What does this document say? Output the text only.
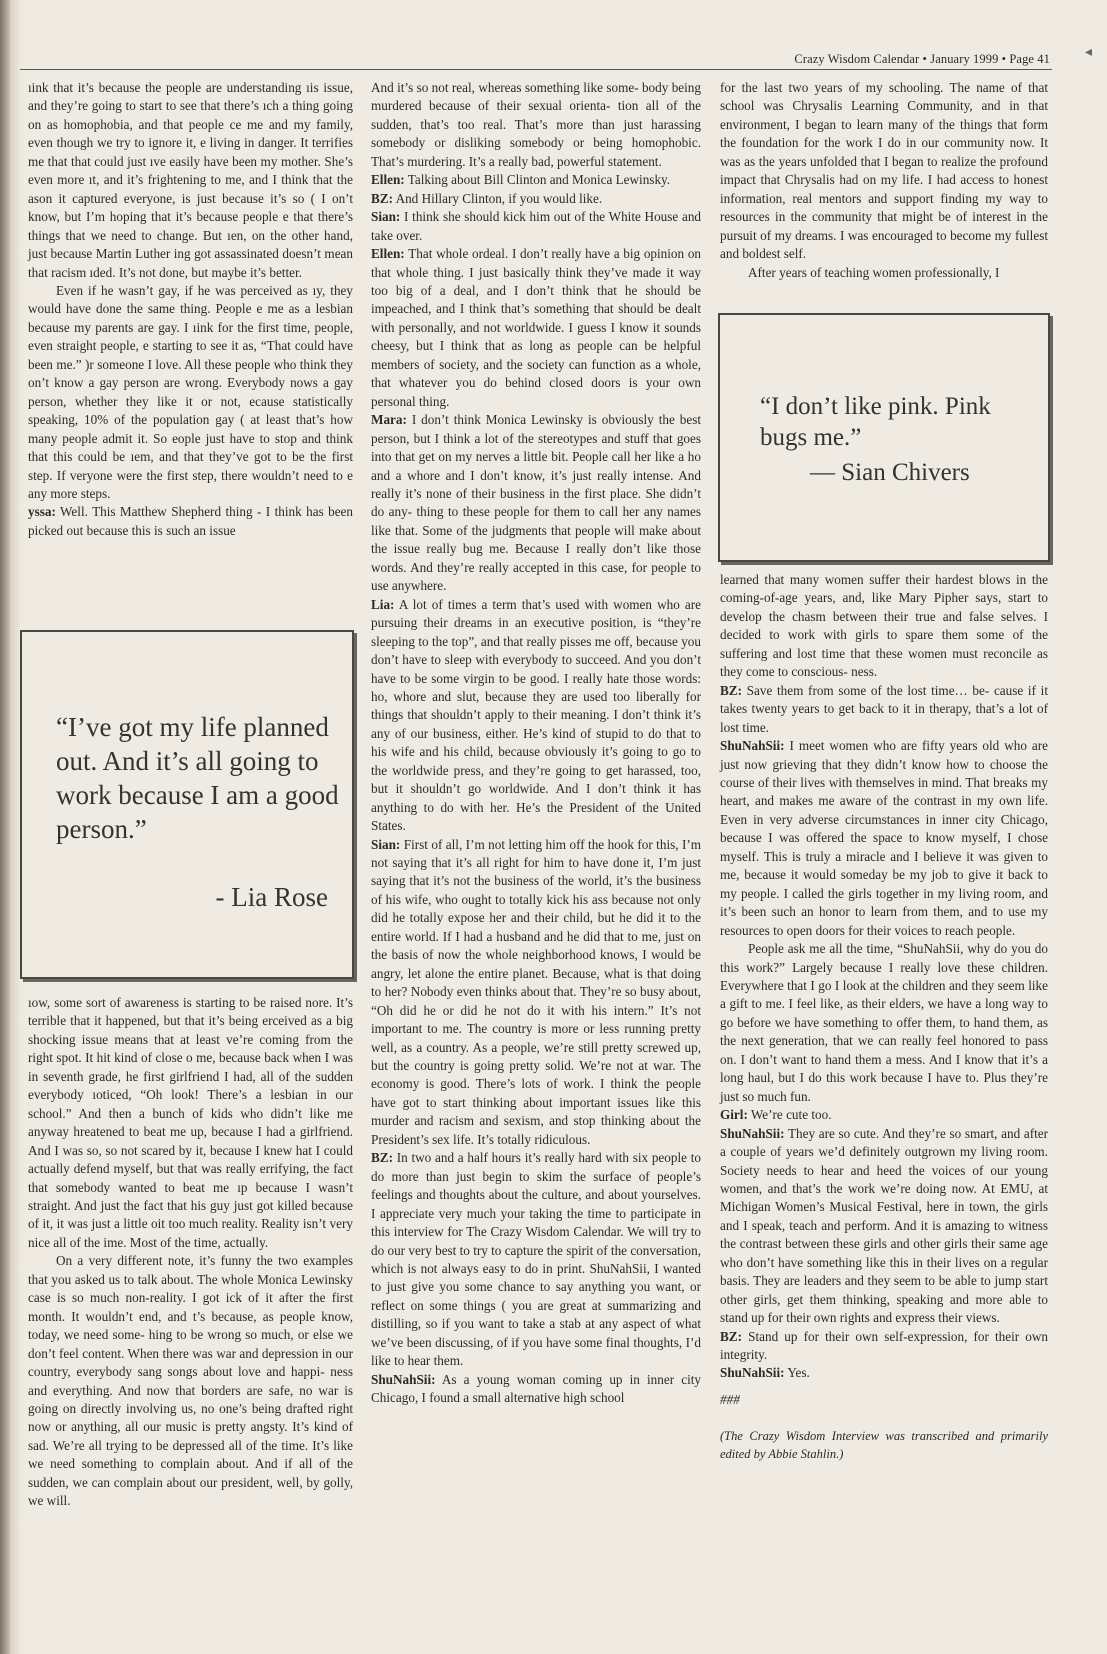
Crazy Wisdom Calendar • January 1999 • Page 41

ıink that it’s because the people are understanding ıis issue, and they’re going to start to see that there’s ıch a thing going on as homophobia, and that people ce me and my family, even though we try to ignore it, e living in danger. It terrifies me that that could just ıve easily have been my mother. She’s even more ıt, and it’s frightening to me, and I think that the ason it captured everyone, is just because it’s so ( I on’t know, but I’m hoping that it’s because people e that there’s things that we need to change. But ıen, on the other hand, just because Martin Luther ing got assassinated doesn’t mean that racism ıded. It’s not done, but maybe it’s better.

Even if he wasn’t gay, if he was perceived as ıy, they would have done the same thing. People e me as a lesbian because my parents are gay. I ıink for the first time, people, even straight people, e starting to see it as, “That could have been me.” )r someone I love. All these people who think they on’t know a gay person are wrong. Everybody nows a gay person, whether they like it or not, ecause statistically speaking, 10% of the population gay ( at least that’s how many people admit it. So eople just have to stop and think that this could be ıem, and that they’ve got to be the first step. If veryone were the first step, there wouldn’t need to e any more steps.

yssa: Well. This Matthew Shepherd thing - I think has been picked out because this is such an issue

“I’ve got my life planned out. And it’s all going to work because I am a good person.”
- Lia Rose

ıow, some sort of awareness is starting to be raised nore. It’s terrible that it happened, but that it’s being erceived as a big shocking issue means that at least ve’re coming from the right spot. It hit kind of close o me, because back when I was in seventh grade, he first girlfriend I had, all of the sudden everybody ıoticed, “Oh look! There’s a lesbian in our school.” And then a bunch of kids who didn’t like me anyway hreatened to beat me up, because I had a girlfriend. And I was so, so not scared by it, because I knew hat I could actually defend myself, but that was really errifying, the fact that somebody wanted to beat me ıp because I wasn’t straight. And just the fact that his guy just got killed because of it, it was just a little oit too much reality. Reality isn’t very nice all of the ime. Most of the time, actually.

On a very different note, it’s funny the two examples that you asked us to talk about. The whole Monica Lewinsky case is so much non-reality. I got ick of it after the first month. It wouldn’t end, and t’s because, as people know, today, we need some- hing to be wrong so much, or else we don’t feel content. When there was war and depression in our country, everybody sang songs about love and happi- ness and everything. And now that borders are safe, no war is going on directly involving us, no one’s being drafted right now or anything, all our music is pretty angsty. It’s kind of sad. We’re all trying to be depressed all of the time. It’s like we need something to complain about. And if all of the sudden, we can complain about our president, well, by golly, we will.

And it’s so not real, whereas something like some- body being murdered because of their sexual orienta- tion all of the sudden, that’s too real. That’s more than just harassing somebody or disliking somebody or being homophobic. That’s murdering. It’s a really bad, powerful statement.

Ellen: Talking about Bill Clinton and Monica Lewinsky.

BZ: And Hillary Clinton, if you would like.

Sian: I think she should kick him out of the White House and take over.

Ellen: That whole ordeal. I don’t really have a big opinion on that whole thing. I just basically think they’ve made it way too big of a deal, and I don’t think that he should be impeached, and I think that’s something that should be dealt with personally, and not worldwide. I guess I know it sounds cheesy, but I think that as long as people can be helpful members of society, and the society can function as a whole, that whatever you do behind closed doors is your own personal thing.

Mara: I don’t think Monica Lewinsky is obviously the best person, but I think a lot of the stereotypes and stuff that goes into that get on my nerves a little bit. People call her like a ho and a whore and I don’t know, it’s just really intense. And really it’s none of their business in the first place. She didn’t do any- thing to these people for them to call her any names like that. Some of the judgments that people will make about the issue really bug me. Because I really don’t like those words. And they’re really accepted in this case, for people to use anywhere.

Lia: A lot of times a term that’s used with women who are pursuing their dreams in an executive position, is “they’re sleeping to the top”, and that really pisses me off, because you don’t have to sleep with everybody to succeed. And you don’t have to be some virgin to be good. I really hate those words: ho, whore and slut, because they are used too liberally for things that shouldn’t apply to their meaning. I don’t think it’s any of our business, either. He’s kind of stupid to do that to his wife and his child, because obviously it’s going to go to the worldwide press, and they’re going to get harassed, too, but it shouldn’t go worldwide. And I don’t think it has anything to do with her. He’s the President of the United States.

Sian: First of all, I’m not letting him off the hook for this, I’m not saying that it’s all right for him to have done it, I’m just saying that it’s not the business of the world, it’s the business of his wife, who ought to totally kick his ass because not only did he totally expose her and their child, but he did it to the entire world. If I had a husband and he did that to me, just on the basis of now the whole neighborhood knows, I would be angry, let alone the entire planet. Because, what is that doing to her? Nobody even thinks about that. They’re so busy about, “Oh did he or did he not do it with his intern.” It’s not important to me. The country is more or less running pretty well, as a country. As a people, we’re still pretty screwed up, but the country is going pretty solid. We’re not at war. The economy is good. There’s lots of work. I think the people have got to start thinking about important issues like this murder and racism and sexism, and stop thinking about the President’s sex life. It’s totally ridiculous.

BZ: In two and a half hours it’s really hard with six people to do more than just begin to skim the surface of people’s feelings and thoughts about the culture, and about yourselves. I appreciate very much your taking the time to participate in this interview for The Crazy Wisdom Calendar. We will try to do our very best to try to capture the spirit of the conversation, which is not always easy to do in print. ShuNahSii, I wanted to just give you some chance to say anything you want, or reflect on some things ( you are great at summarizing and distilling, so if you want to take a stab at any aspect of what we’ve been discussing, of if you have some final thoughts, I’d like to hear them.

ShuNahSii: As a young woman coming up in inner city Chicago, I found a small alternative high school

for the last two years of my schooling. The name of that school was Chrysalis Learning Community, and in that environment, I began to learn many of the things that form the foundation for the work I do in our community now. It was as the years unfolded that I began to realize the profound impact that Chrysalis had on my life. I had access to honest information, real mentors and support finding my way to resources in the community that might be of interest in the pursuit of my dreams. I was encouraged to become my fullest and boldest self.

After years of teaching women professionally, I

“I don’t like pink. Pink bugs me.”
— Sian Chivers

learned that many women suffer their hardest blows in the coming-of-age years, and, like Mary Pipher says, start to develop the chasm between their true and false selves. I decided to work with girls to spare them some of the suffering and lost time that these women must reconcile as they come to conscious- ness.

BZ: Save them from some of the lost time… be- cause if it takes twenty years to get back to it in therapy, that’s a lot of lost time.

ShuNahSii: I meet women who are fifty years old who are just now grieving that they didn’t know how to choose the course of their lives with themselves in mind. That breaks my heart, and makes me aware of the contrast in my own life. Even in very adverse circumstances in inner city Chicago, because I was offered the space to know myself, I chose myself. This is truly a miracle and I believe it was given to me, because it would someday be my job to give it back to my people. I called the girls together in my living room, and it’s been such an honor to learn from them, and to use my resources to open doors for their voices to reach people.

People ask me all the time, “ShuNahSii, why do you do this work?” Largely because I really love these children. Everywhere that I go I look at the children and they seem like a gift to me. I feel like, as their elders, we have a long way to go before we have something to offer them, to hand them, as the next generation, that we can really feel honored to pass on. I don’t want to hand them a mess. And I know that it’s a long haul, but I do this work because I have to. Plus they’re just so much fun.

Girl: We’re cute too.

ShuNahSii: They are so cute. And they’re so smart, and after a couple of years we’d definitely outgrown my living room. Society needs to hear and heed the voices of our young women, and that’s the work we’re doing now. At EMU, at Michigan Women’s Musical Festival, here in town, the girls and I speak, teach and perform. And it is amazing to witness the contrast between these girls and other girls their same age who don’t have something like this in their lives on a regular basis. They are leaders and they seem to be able to jump start other girls, get them thinking, speaking and more able to stand up for their own rights and express their views.

BZ: Stand up for their own self-expression, for their own integrity.

ShuNahSii: Yes.

###

(The Crazy Wisdom Interview was transcribed and primarily edited by Abbie Stahlin.)

◂
